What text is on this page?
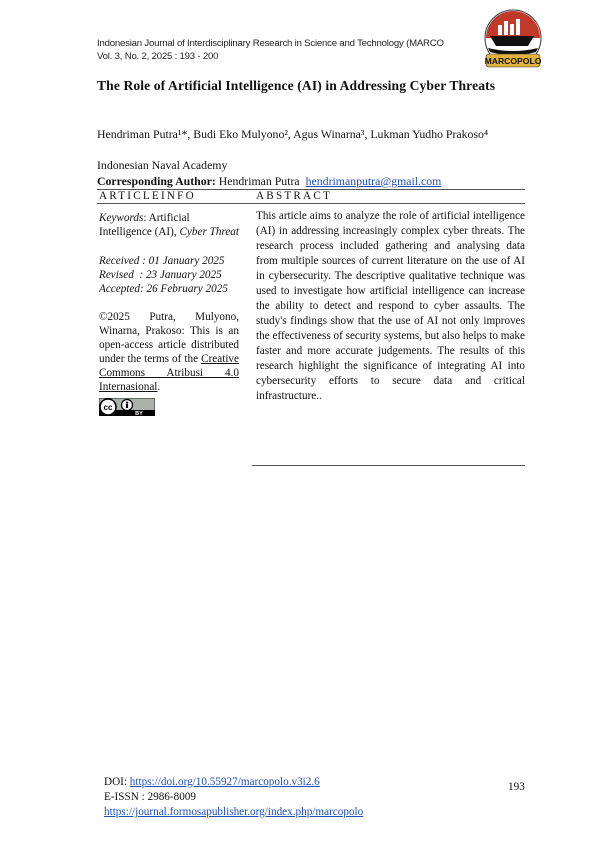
Indonesian Journal of Interdisciplinary Research in Science and Technology (MARCO
Vol. 3, No. 2, 2025 : 193 - 200	MARCOPOLO
The Role of Artificial Intelligence (AI) in Addressing Cyber Threats
Hendriman Putra¹*, Budi Eko Mulyono², Agus Winarna³, Lukman Yudho Prakoso⁴
Indonesian Naval Academy
Corresponding Author: Hendriman Putra hendrimanputra@gmail.com
ARTICLEINFO	ABSTRACT

Keywords: Artificial Intelligence (AI), Cyber Threat

Received : 01 January 2025
Revised  : 23 January 2025
Accepted: 26 February 2025
©2025 Putra, Mulyono, Winarna, Prakoso: This is an open-access article distributed under the terms of the Creative Commons Atribusi 4.0 Internasional.
cc
BY
This article aims to analyze the role of artificial intelligence (AI) in addressing increasingly complex cyber threats. The research process included gathering and analysing data from multiple sources of current literature on the use of AI in cybersecurity. The descriptive qualitative technique was used to investigate how artificial intelligence can increase the ability to detect and respond to cyber assaults. The study's findings show that the use of AI not only improves the effectiveness of security systems, but also helps to make faster and more accurate judgements. The results of this research highlight the significance of integrating AI into cybersecurity efforts to secure data and critical infrastructure..
DOI: https://doi.org/10.55927/marcopolo.v3i2.6
E-ISSN : 2986-8009
https://journal.formosapublisher.org/index.php/marcopolo
193
